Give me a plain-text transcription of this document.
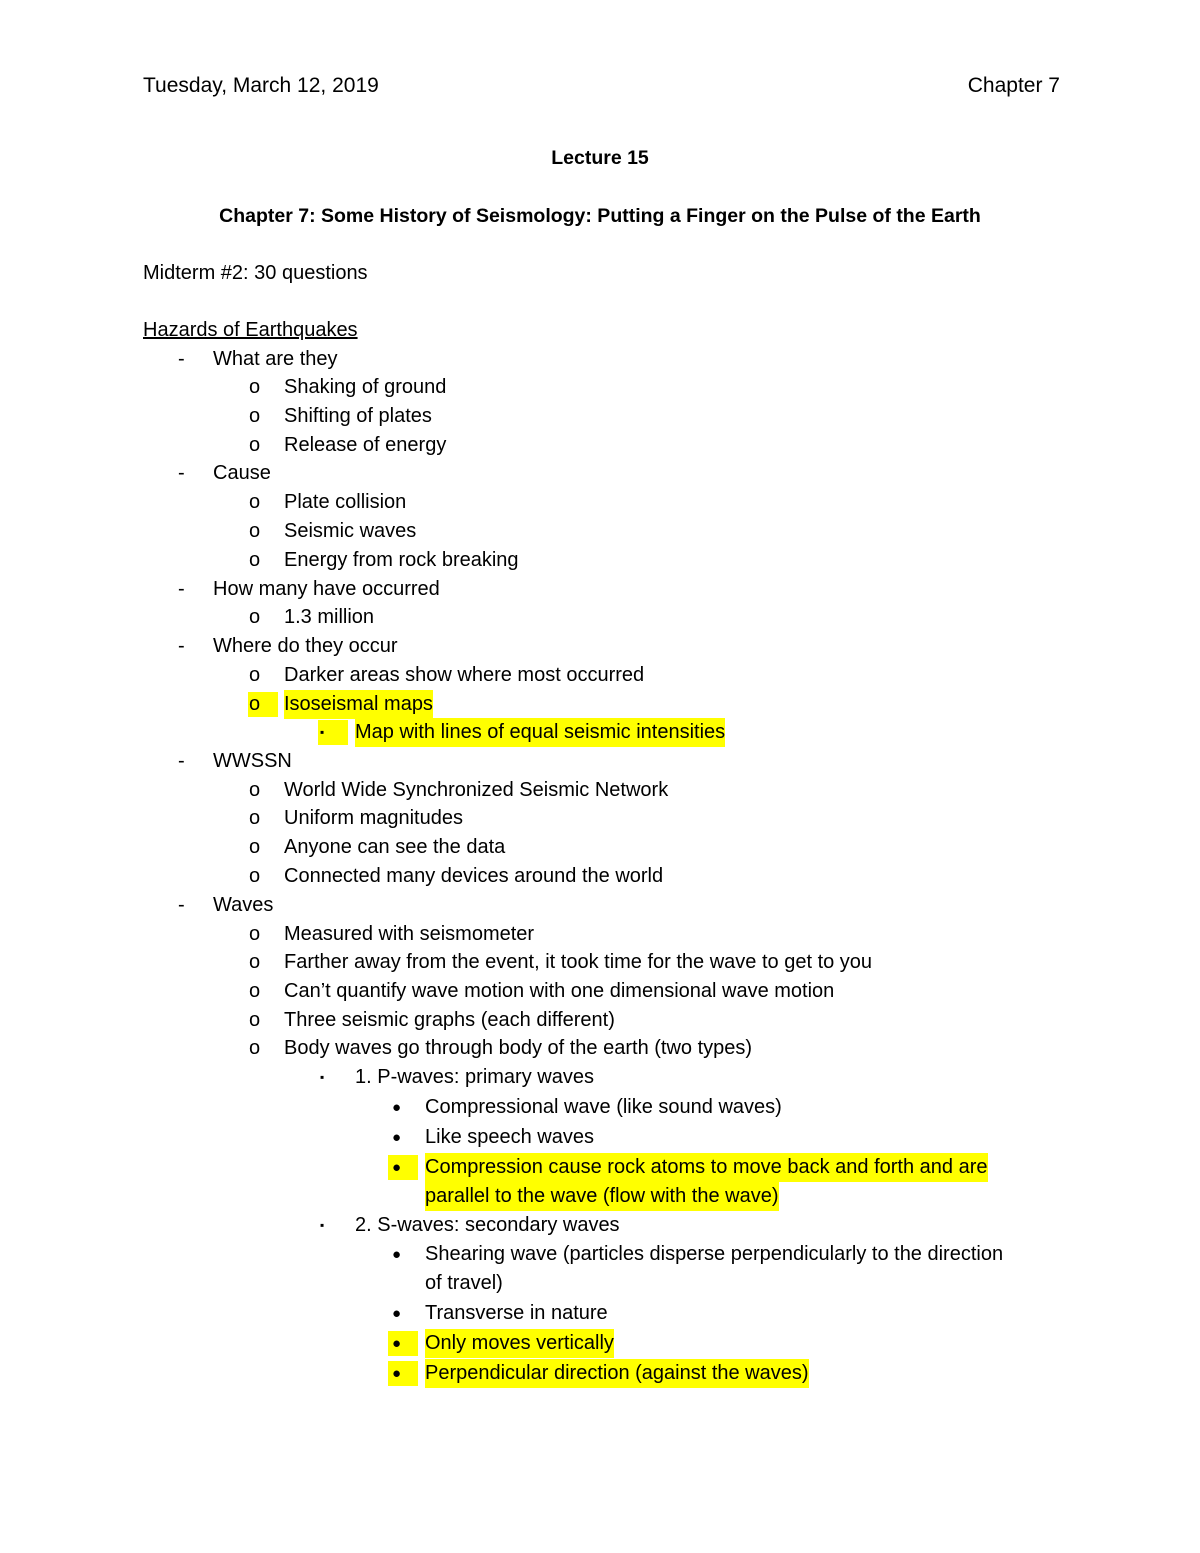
Tuesday, March 12, 2019	Chapter 7
Lecture 15
Chapter 7: Some History of Seismology: Putting a Finger on the Pulse of the Earth
Midterm #2: 30 questions
Hazards of Earthquakes
-	What are they
o	Shaking of ground
o	Shifting of plates
o	Release of energy
-	Cause
o	Plate collision
o	Seismic waves
o	Energy from rock breaking
-	How many have occurred
o	1.3 million
-	Where do they occur
o	Darker areas show where most occurred
o	Isoseismal maps
▪	Map with lines of equal seismic intensities
-	WWSSN
o	World Wide Synchronized Seismic Network
o	Uniform magnitudes
o	Anyone can see the data
o	Connected many devices around the world
-	Waves
o	Measured with seismometer
o	Farther away from the event, it took time for the wave to get to you
o	Can’t quantify wave motion with one dimensional wave motion
o	Three seismic graphs (each different)
o	Body waves go through body of the earth (two types)
▪	1. P-waves: primary waves
●	Compressional wave (like sound waves)
●	Like speech waves
●	Compression cause rock atoms to move back and forth and are
parallel to the wave (flow with the wave)
▪	2. S-waves: secondary waves
●	Shearing wave (particles disperse perpendicularly to the direction
of travel)
●	Transverse in nature
●	Only moves vertically
●	Perpendicular direction (against the waves)
